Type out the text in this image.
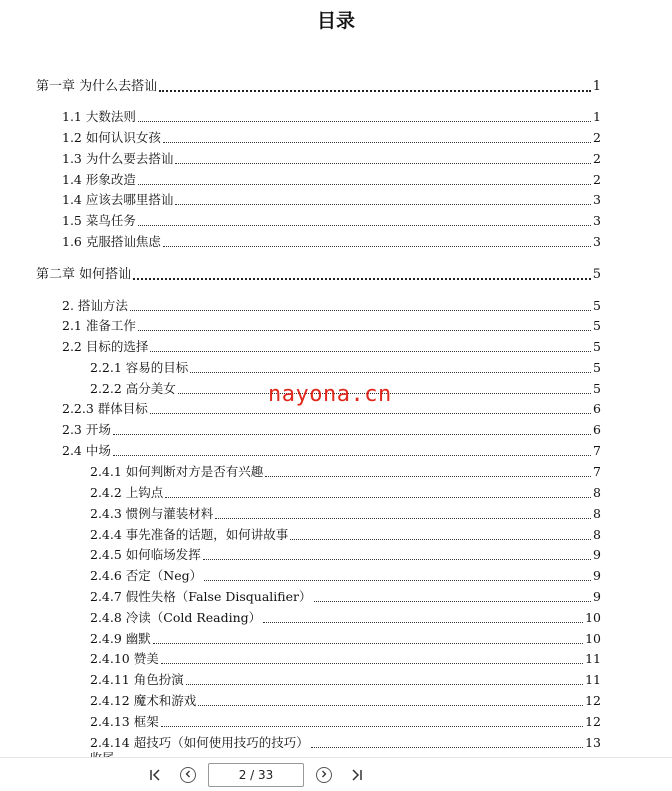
目录
第一章 为什么去搭讪	1
1.1 大数法则	1
1.2 如何认识女孩	2
1.3 为什么要去搭讪	2
1.4 形象改造	2
1.4 应该去哪里搭讪	3
1.5 菜鸟任务	3
1.6 克服搭讪焦虑	3
第二章 如何搭讪	5
2. 搭讪方法	5
2.1 准备工作	5
2.2 目标的选择	5
2.2.1 容易的目标	5
2.2.2 高分美女	5
2.2.3 群体目标	6
2.3 开场	6
2.4 中场	7
2.4.1 如何判断对方是否有兴趣	7
2.4.2 上钩点	8
2.4.3 惯例与灌装材料	8
2.4.4 事先准备的话题，如何讲故事	8
2.4.5 如何临场发挥	9
2.4.6 否定（Neg）	9
2.4.7 假性失格（False Disqualifier）	9
2.4.8 冷读（Cold Reading）	10
2.4.9 幽默	10
2.4.10 赞美	11
2.4.11 角色扮演	11
2.4.12 魔术和游戏	12
2.4.13 框架	12
2.4.14 超技巧（如何使用技巧的技巧）	13
nayona.cn
2 / 33
